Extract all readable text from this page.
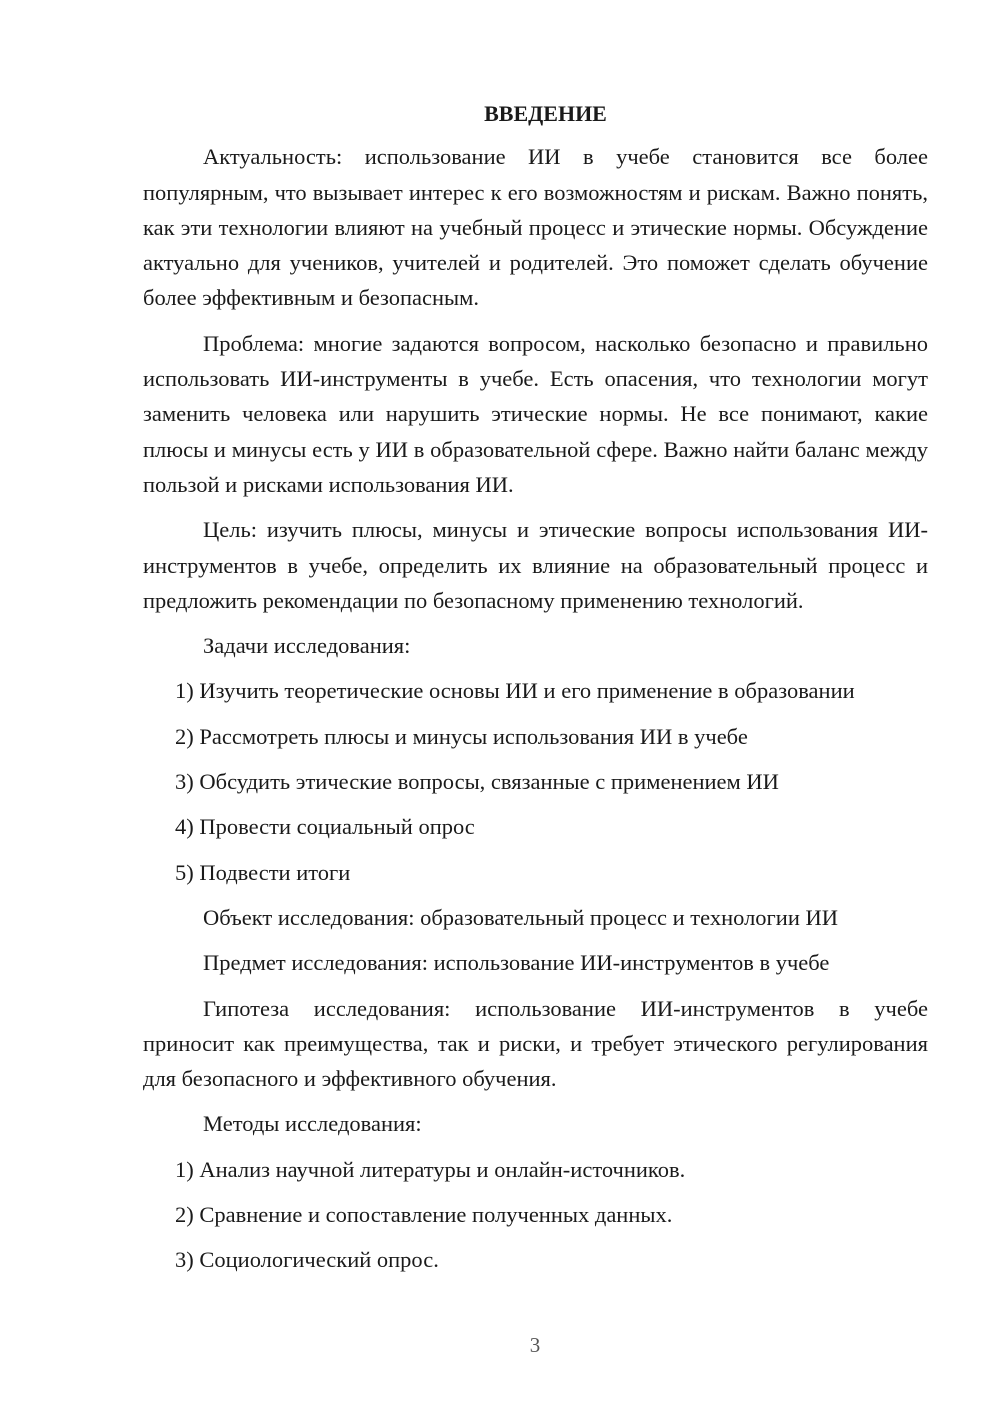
ВВЕДЕНИЕ

Актуальность: использование ИИ в учебе становится все более популярным, что вызывает интерес к его возможностям и рискам. Важно понять, как эти технологии влияют на учебный процесс и этические нормы. Обсуждение актуально для учеников, учителей и родителей. Это поможет сделать обучение более эффективным и безопасным.

Проблема: многие задаются вопросом, насколько безопасно и правильно использовать ИИ-инструменты в учебе. Есть опасения, что технологии могут заменить человека или нарушить этические нормы. Не все понимают, какие плюсы и минусы есть у ИИ в образовательной сфере. Важно найти баланс между пользой и рисками использования ИИ.

Цель: изучить плюсы, минусы и этические вопросы использования ИИ-инструментов в учебе, определить их влияние на образовательный процесс и предложить рекомендации по безопасному применению технологий.

Задачи исследования:
1) Изучить теоретические основы ИИ и его применение в образовании
2) Рассмотреть плюсы и минусы использования ИИ в учебе
3) Обсудить этические вопросы, связанные с применением ИИ
4) Провести социальный опрос
5) Подвести итоги
Объект исследования: образовательный процесс и технологии ИИ
Предмет исследования: использование ИИ-инструментов в учебе

Гипотеза исследования: использование ИИ-инструментов в учебе приносит как преимущества, так и риски, и требует этического регулирования для безопасного и эффективного обучения.

Методы исследования:
1) Анализ научной литературы и онлайн-источников.
2) Сравнение и сопоставление полученных данных.
3) Социологический опрос.
3
